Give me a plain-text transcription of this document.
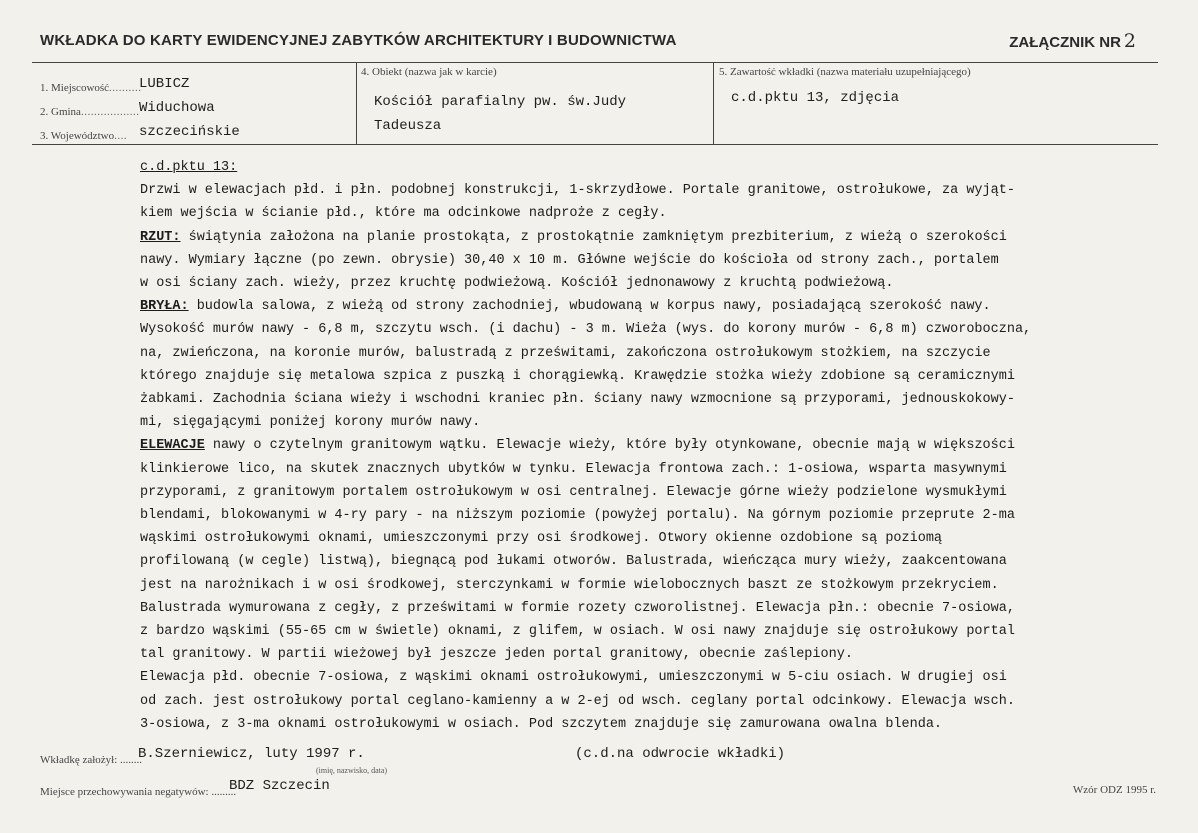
WKŁADKA DO KARTY EWIDENCYJNEJ ZABYTKÓW ARCHITEKTURY I BUDOWNICTWA	ZAŁĄCZNIK NR 2
1. Miejscowość..........
LUBICZ
2. Gmina.................. Widuchowa
3. Województwo.... szczecińskie
4. Obiekt (nazwa jak w karcie)
Kościół parafialny pw. św.Judy
Tadeusza
5. Zawartość wkładki (nazwa materiału uzupełniającego)
c.d.pktu 13, zdjęcia

c.d.pktu 13:

Drzwi w elewacjach płd. i płn. podobnej konstrukcji, 1-skrzydłowe. Portale granitowe, ostrołukowe, za wyjąt-

kiem wejścia w ścianie płd., które ma odcinkowe nadproże z cegły.

RZUT: świątynia założona na planie prostokąta, z prostokątnie zamkniętym prezbiterium, z wieżą o szerokości

nawy. Wymiary łączne (po zewn. obrysie) 30,40 x 10 m. Główne wejście do kościoła od strony zach., portalem

w osi ściany zach. wieży, przez kruchtę podwieżową. Kościół jednonawowy z kruchtą podwieżową.

BRYŁA: budowla salowa, z wieżą od strony zachodniej, wbudowaną w korpus nawy, posiadającą szerokość nawy.

Wysokość murów nawy - 6,8 m, szczytu wsch. (i dachu) - 3 m. Wieża (wys. do korony murów - 6,8 m) czworoboczna,

na, zwieńczona, na koronie murów, balustradą z prześwitami, zakończona ostrołukowym stożkiem, na szczycie

którego znajduje się metalowa szpica z puszką i chorągiewką. Krawędzie stożka wieży zdobione są ceramicznymi

żabkami. Zachodnia ściana wieży i wschodni kraniec płn. ściany nawy wzmocnione są przyporami, jednouskokowy-

mi, sięgającymi poniżej korony murów nawy.

ELEWACJE nawy o czytelnym granitowym wątku. Elewacje wieży, które były otynkowane, obecnie mają w większości

klinkierowe lico, na skutek znacznych ubytków w tynku. Elewacja frontowa zach.: 1-osiowa, wsparta masywnymi

przyporami, z granitowym portalem ostrołukowym w osi centralnej. Elewacje górne wieży podzielone wysmukłymi

blendami, blokowanymi w 4-ry pary - na niższym poziomie (powyżej portalu). Na górnym poziomie przeprute 2-ma

wąskimi ostrołukowymi oknami, umieszczonymi przy osi środkowej. Otwory okienne ozdobione są poziomą

profilowaną (w cegle) listwą), biegnącą pod łukami otworów. Balustrada, wieńcząca mury wieży, zaakcentowana

jest na narożnikach i w osi środkowej, sterczynkami w formie wielobocznych baszt ze stożkowym przekryciem.

Balustrada wymurowana z cegły, z prześwitami w formie rozety czworolistnej. Elewacja płn.: obecnie 7-osiowa,

z bardzo wąskimi (55-65 cm w świetle) oknami, z glifem, w osiach. W osi nawy znajduje się ostrołukowy portal

tal granitowy. W partii wieżowej był jeszcze jeden portal granitowy, obecnie zaślepiony.

Elewacja płd. obecnie 7-osiowa, z wąskimi oknami ostrołukowymi, umieszczonymi w 5-ciu osiach. W drugiej osi

od zach. jest ostrołukowy portal ceglano-kamienny a w 2-ej od wsch. ceglany portal odcinkowy. Elewacja wsch.

3-osiowa, z 3-ma oknami ostrołukowymi w osiach. Pod szczytem znajduje się zamurowana owalna blenda.

Wkładkę założył: ........
B.Szerniewicz, luty 1997 r.
(imię, nazwisko, data)
(c.d.na odwrocie wkładki)
Miejsce przechowywania negatywów: .........
BDZ Szczecin	Wzór ODZ 1995 r.
